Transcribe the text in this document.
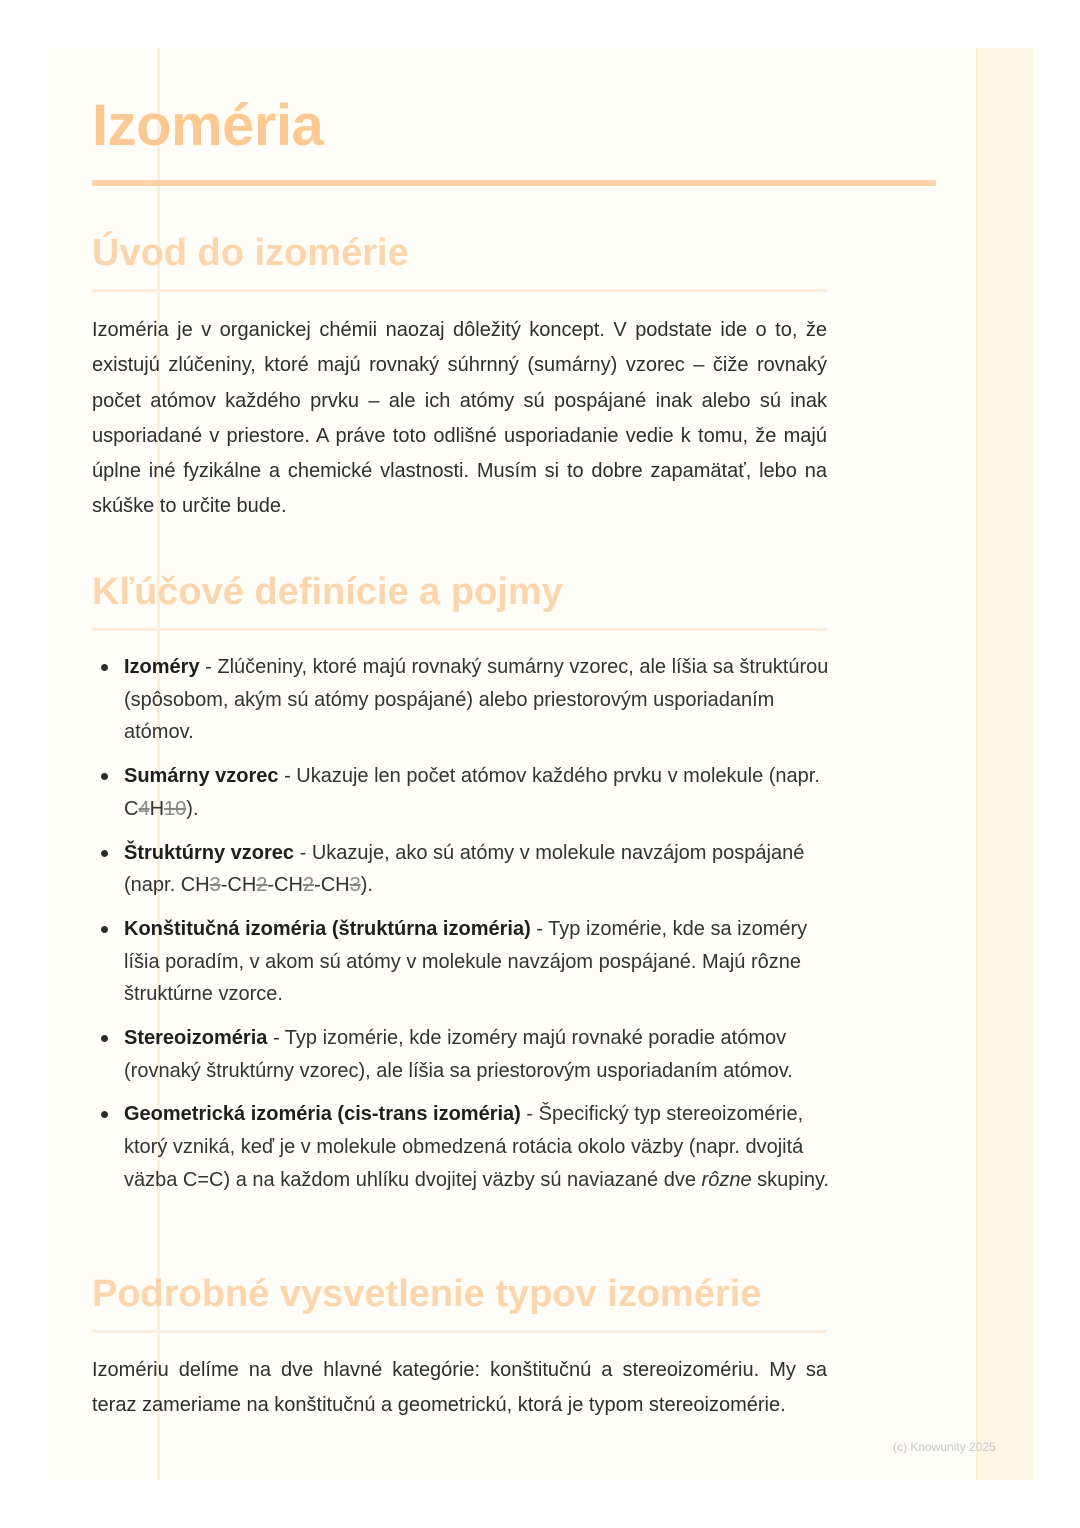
Izoméria
Úvod do izomérie

Izoméria je v organickej chémii naozaj dôležitý koncept. V podstate ide o to, že existujú zlúčeniny, ktoré majú rovnaký súhrnný (sumárny) vzorec – čiže rovnaký počet atómov každého prvku – ale ich atómy sú pospájané inak alebo sú inak usporiadané v priestore. A práve toto odlišné usporiadanie vedie k tomu, že majú úplne iné fyzikálne a chemické vlastnosti. Musím si to dobre zapamätať, lebo na skúške to určite bude.

Kľúčové definície a pojmy
Izoméry - Zlúčeniny, ktoré majú rovnaký sumárny vzorec, ale líšia sa štruktúrou (spôsobom, akým sú atómy pospájané) alebo priestorovým usporiadaním atómov.
Sumárny vzorec - Ukazuje len počet atómov každého prvku v molekule (napr. C4H10).
Štruktúrny vzorec - Ukazuje, ako sú atómy v molekule navzájom pospájané (napr. CH3-CH2-CH2-CH3).
Konštitučná izoméria (štruktúrna izoméria) - Typ izomérie, kde sa izoméry líšia poradím, v akom sú atómy v molekule navzájom pospájané. Majú rôzne štruktúrne vzorce.
Stereoizoméria - Typ izomérie, kde izoméry majú rovnaké poradie atómov (rovnaký štruktúrny vzorec), ale líšia sa priestorovým usporiadaním atómov.
Geometrická izoméria (cis-trans izoméria) - Špecifický typ stereoizomérie, ktorý vzniká, keď je v molekule obmedzená rotácia okolo väzby (napr. dvojitá väzba C=C) a na každom uhlíku dvojitej väzby sú naviazané dve rôzne skupiny.
Podrobné vysvetlenie typov izomérie

Izomériu delíme na dve hlavné kategórie: konštitučnú a stereoizomériu. My sa teraz zameriame na konštitučnú a geometrickú, ktorá je typom stereoizomérie.

(c) Knowunity 2025
